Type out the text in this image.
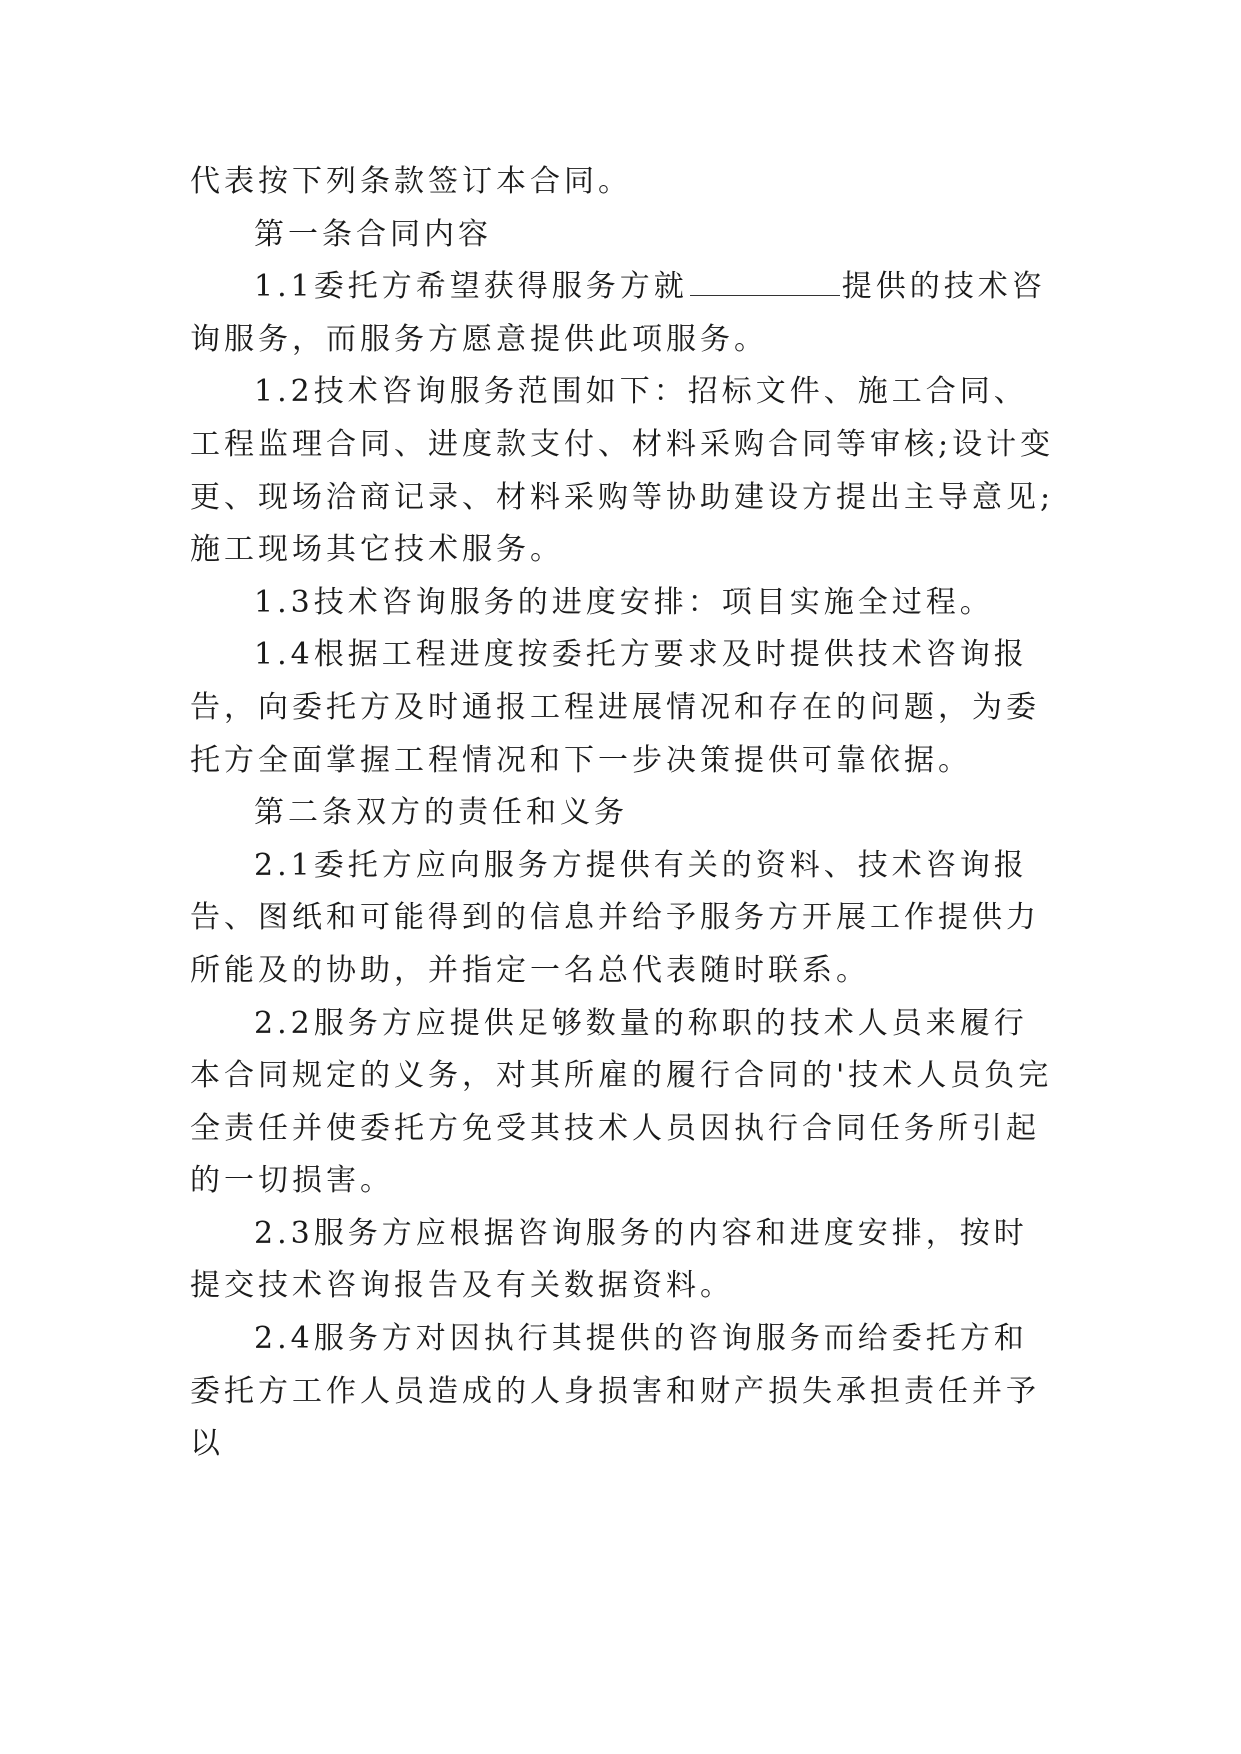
代表按下列条款签订本合同。

第一条合同内容

1.1委托方希望获得服务方就	提供的技术咨询服务，而服务方愿意提供此项服务。

1.2技术咨询服务范围如下：招标文件、施工合同、工程监理合同、进度款支付、材料采购合同等审核;设计变更、现场洽商记录、材料采购等协助建设方提出主导意见;施工现场其它技术服务。

1.3技术咨询服务的进度安排：项目实施全过程。

1.4根据工程进度按委托方要求及时提供技术咨询报告，向委托方及时通报工程进展情况和存在的问题，为委托方全面掌握工程情况和下一步决策提供可靠依据。

第二条双方的责任和义务

2.1委托方应向服务方提供有关的资料、技术咨询报告、图纸和可能得到的信息并给予服务方开展工作提供力所能及的协助，并指定一名总代表随时联系。

2.2服务方应提供足够数量的称职的技术人员来履行本合同规定的义务，对其所雇的履行合同的'技术人员负完全责任并使委托方免受其技术人员因执行合同任务所引起的一切损害。

2.3服务方应根据咨询服务的内容和进度安排，按时提交技术咨询报告及有关数据资料。

2.4服务方对因执行其提供的咨询服务而给委托方和委托方工作人员造成的人身损害和财产损失承担责任并予以
